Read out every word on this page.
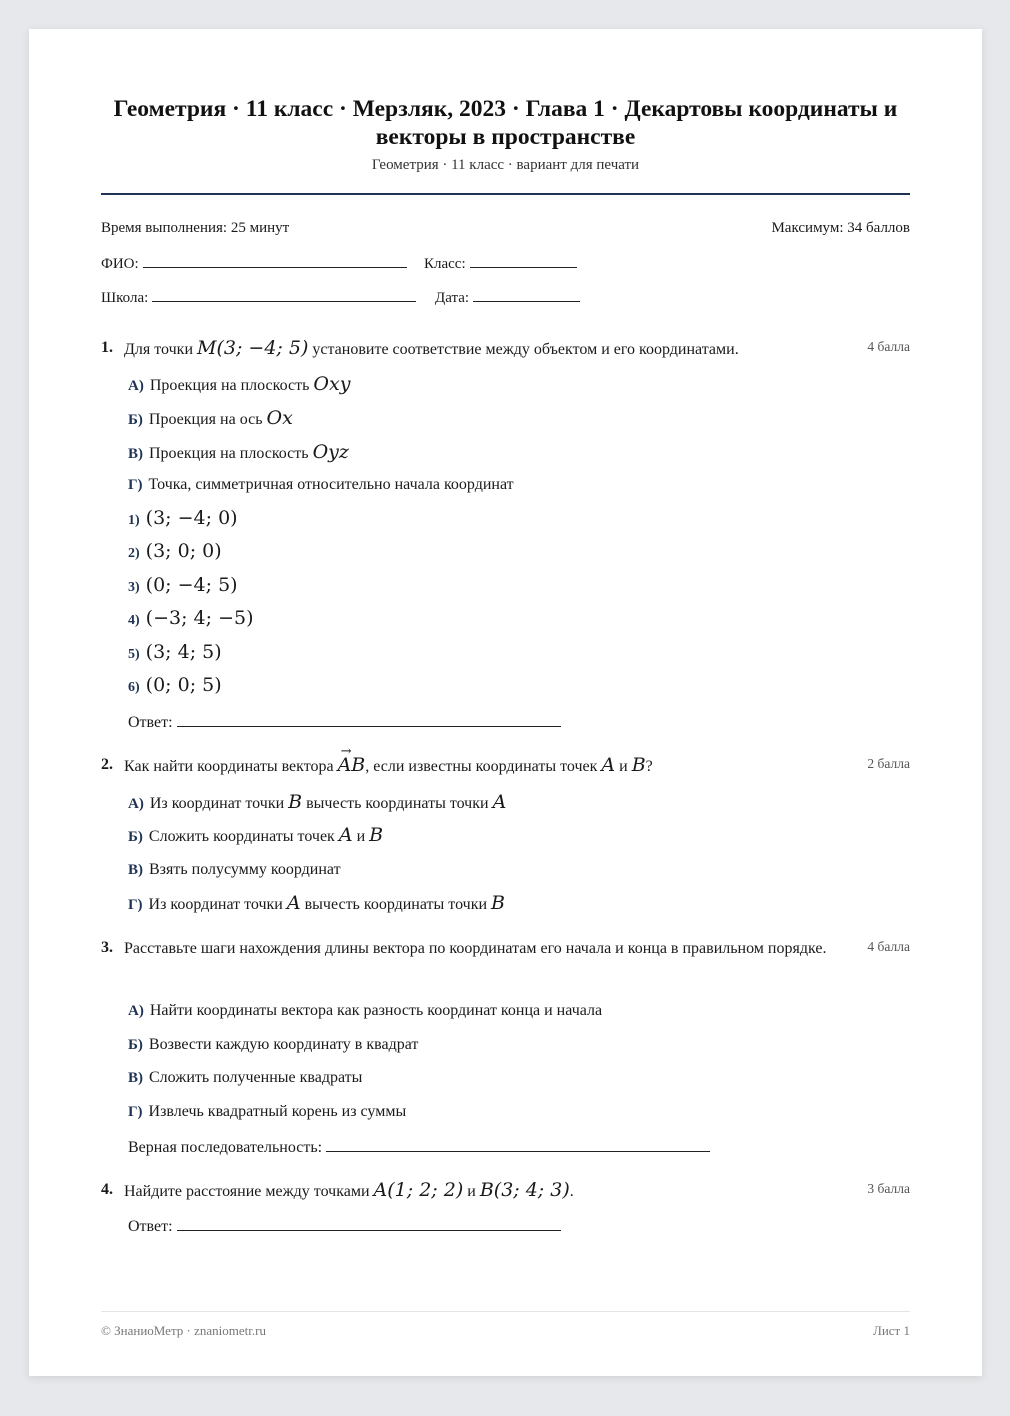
Геометрия · 11 класс · Мерзляк, 2023 · Глава 1 · Декартовы координаты и векторы в пространстве
Геометрия · 11 класс · вариант для печати
Время выполнения: 25 минут	Максимум: 34 баллов
ФИО:	Класс:
Школа:	Дата:
1. Для точки M(3; −4; 5) установите соответствие между объектом и его координатами.	4 балла
А) Проекция на плоскость Oxy
Б) Проекция на ось Ox
В) Проекция на плоскость Oyz
Г) Точка, симметричная относительно начала координат
1) (3; −4; 0)
2) (3; 0; 0)
3) (0; −4; 5)
4) (−3; 4; −5)
5) (3; 4; 5)
6) (0; 0; 5)
Ответ:
2. Как найти координаты вектора → AB, если известны координаты точек A и B?	2 балла
А) Из координат точки B вычесть координаты точки A
Б) Сложить координаты точек A и B
В) Взять полусумму координат
Г) Из координат точки A вычесть координаты точки B
3. Расставьте шаги нахождения длины вектора по координатам его начала и конца в правильном порядке.	4 балла
А) Найти координаты вектора как разность координат конца и начала
Б) Возвести каждую координату в квадрат
В) Сложить полученные квадраты
Г) Извлечь квадратный корень из суммы
Верная последовательность:
4. Найдите расстояние между точками A(1; 2; 2) и B(3; 4; 3).	3 балла
Ответ:
© ЗнаниоМетр · znaniometr.ru	Лист 1
